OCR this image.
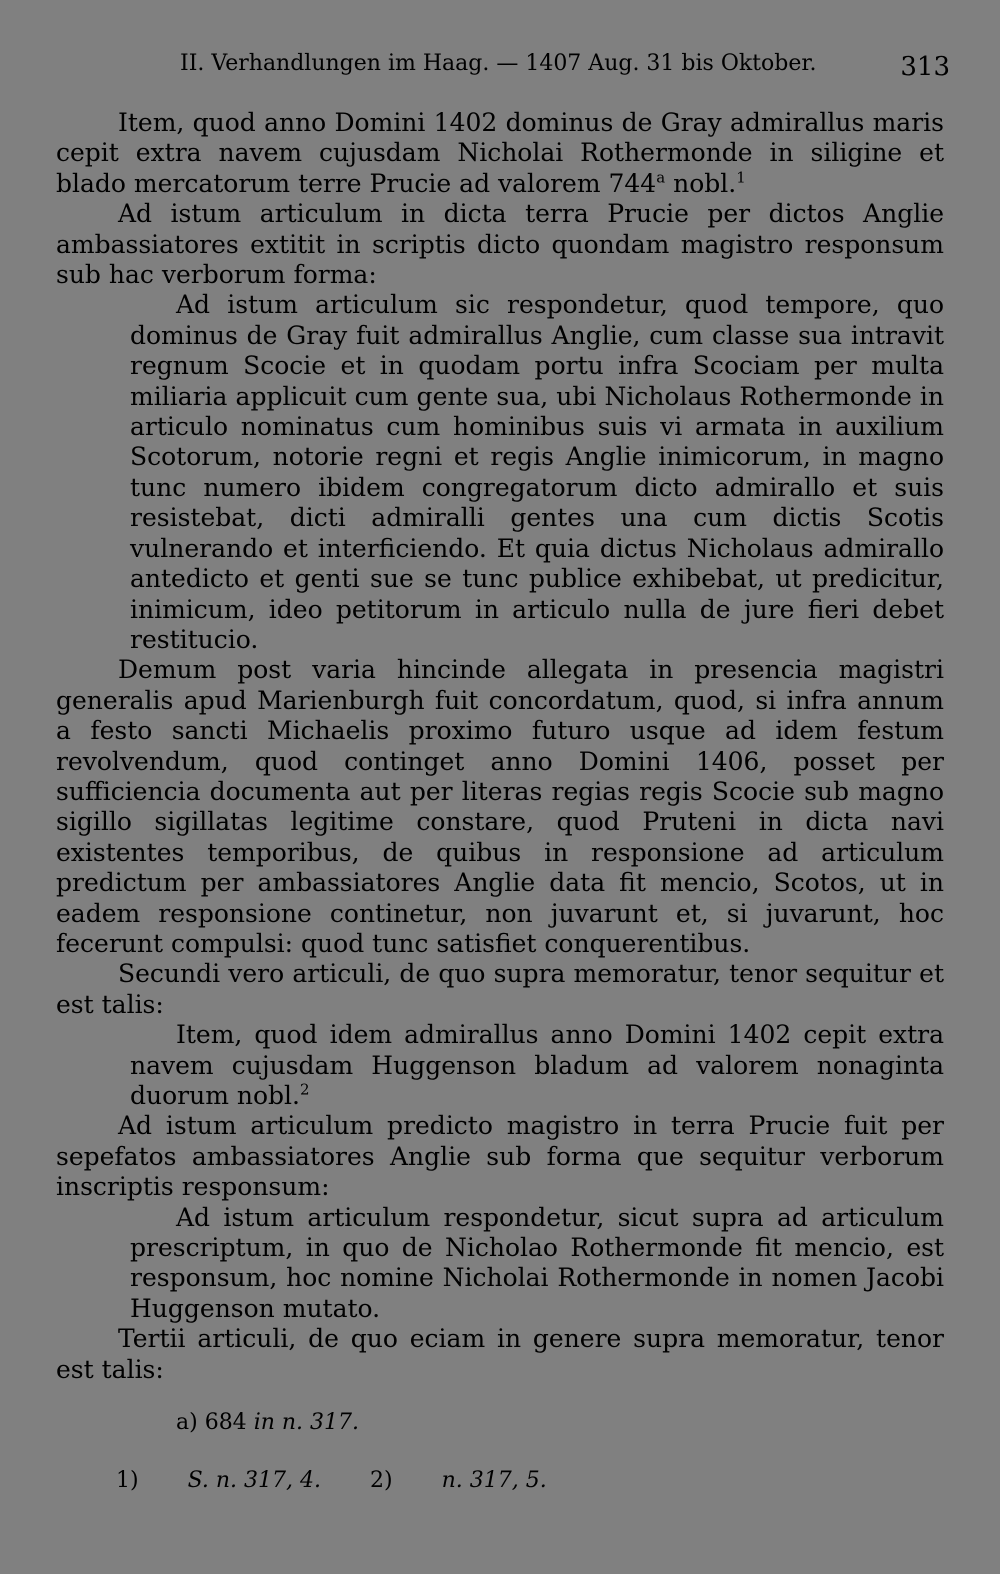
II. Verhandlungen im Haag. — 1407 Aug. 31 bis Oktober.	313

Item, quod anno Domini 1402 dominus de Gray admirallus maris cepit extra navem cujusdam Nicholai Rothermonde in siligine et blado mercatorum terre Prucie ad valorem 744$^a$ nobl.$^1$

Ad istum articulum in dicta terra Prucie per dictos Anglie ambassiatores extitit in scriptis dicto quondam magistro responsum sub hac verborum forma:

Ad istum articulum sic respondetur, quod tempore, quo dominus de Gray fuit admirallus Anglie, cum classe sua intravit regnum Scocie et in quodam portu infra Scociam per multa miliaria applicuit cum gente sua, ubi Nicholaus Rothermonde in articulo nominatus cum hominibus suis vi armata in auxilium Scotorum, notorie regni et regis Anglie inimicorum, in magno tunc numero ibidem congregatorum dicto admirallo et suis resistebat, dicti admiralli gentes una cum dictis Scotis vulnerando et interficiendo. Et quia dictus Nicholaus admirallo antedicto et genti sue se tunc publice exhibebat, ut predicitur, inimicum, ideo petitorum in articulo nulla de jure fieri debet restitucio.

Demum post varia hincinde allegata in presencia magistri generalis apud Marienburgh fuit concordatum, quod, si infra annum a festo sancti Michaelis proximo futuro usque ad idem festum revolvendum, quod continget anno Domini 1406, posset per sufficiencia documenta aut per literas regias regis Scocie sub magno sigillo sigillatas legitime constare, quod Pruteni in dicta navi existentes temporibus, de quibus in responsione ad articulum predictum per ambassiatores Anglie data fit mencio, Scotos, ut in eadem responsione continetur, non juvarunt et, si juvarunt, hoc fecerunt compulsi: quod tunc satisfiet conquerentibus.

Secundi vero articuli, de quo supra memoratur, tenor sequitur et est talis:

Item, quod idem admirallus anno Domini 1402 cepit extra navem cujusdam Huggenson bladum ad valorem nonaginta duorum nobl.$^2$

Ad istum articulum predicto magistro in terra Prucie fuit per sepefatos ambassiatores Anglie sub forma que sequitur verborum inscriptis responsum:

Ad istum articulum respondetur, sicut supra ad articulum prescriptum, in quo de Nicholao Rothermonde fit mencio, est responsum, hoc nomine Nicholai Rothermonde in nomen Jacobi Huggenson mutato.

Tertii articuli, de quo eciam in genere supra memoratur, tenor est talis:

a) 684 in n. 317.
1) S. n. 317, 4. 2) n. 317, 5.
